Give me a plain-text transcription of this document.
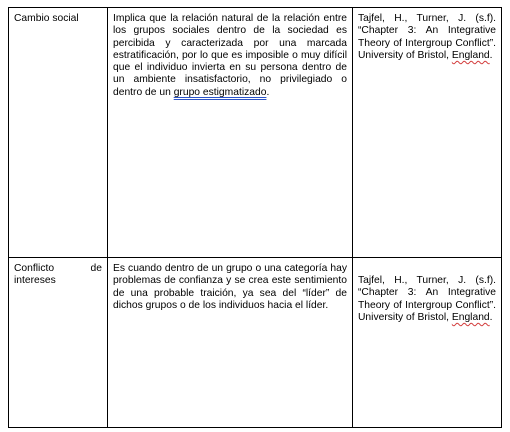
Cambio social	Implica que la relación natural de la relación entre los grupos sociales dentro de la sociedad es percibida y caracterizada por una marcada estratificación, por lo que es imposible o muy difícil que el individuo invierta en su persona dentro de un ambiente insatisfactorio, no privilegiado o dentro de un grupo estigmatizado.	Tajfel, H., Turner, J. (s.f). “Chapter 3: An Integrative Theory of Intergroup Conflict”. University of Bristol, England.
Conflicto de intereses	Es cuando dentro de un grupo o una categoría hay problemas de confianza y se crea este sentimiento de una probable traición, ya sea del “líder” de dichos grupos o de los individuos hacia el líder.	Tajfel, H., Turner, J. (s.f). “Chapter 3: An Integrative Theory of Intergroup Conflict”. University of Bristol, England.
